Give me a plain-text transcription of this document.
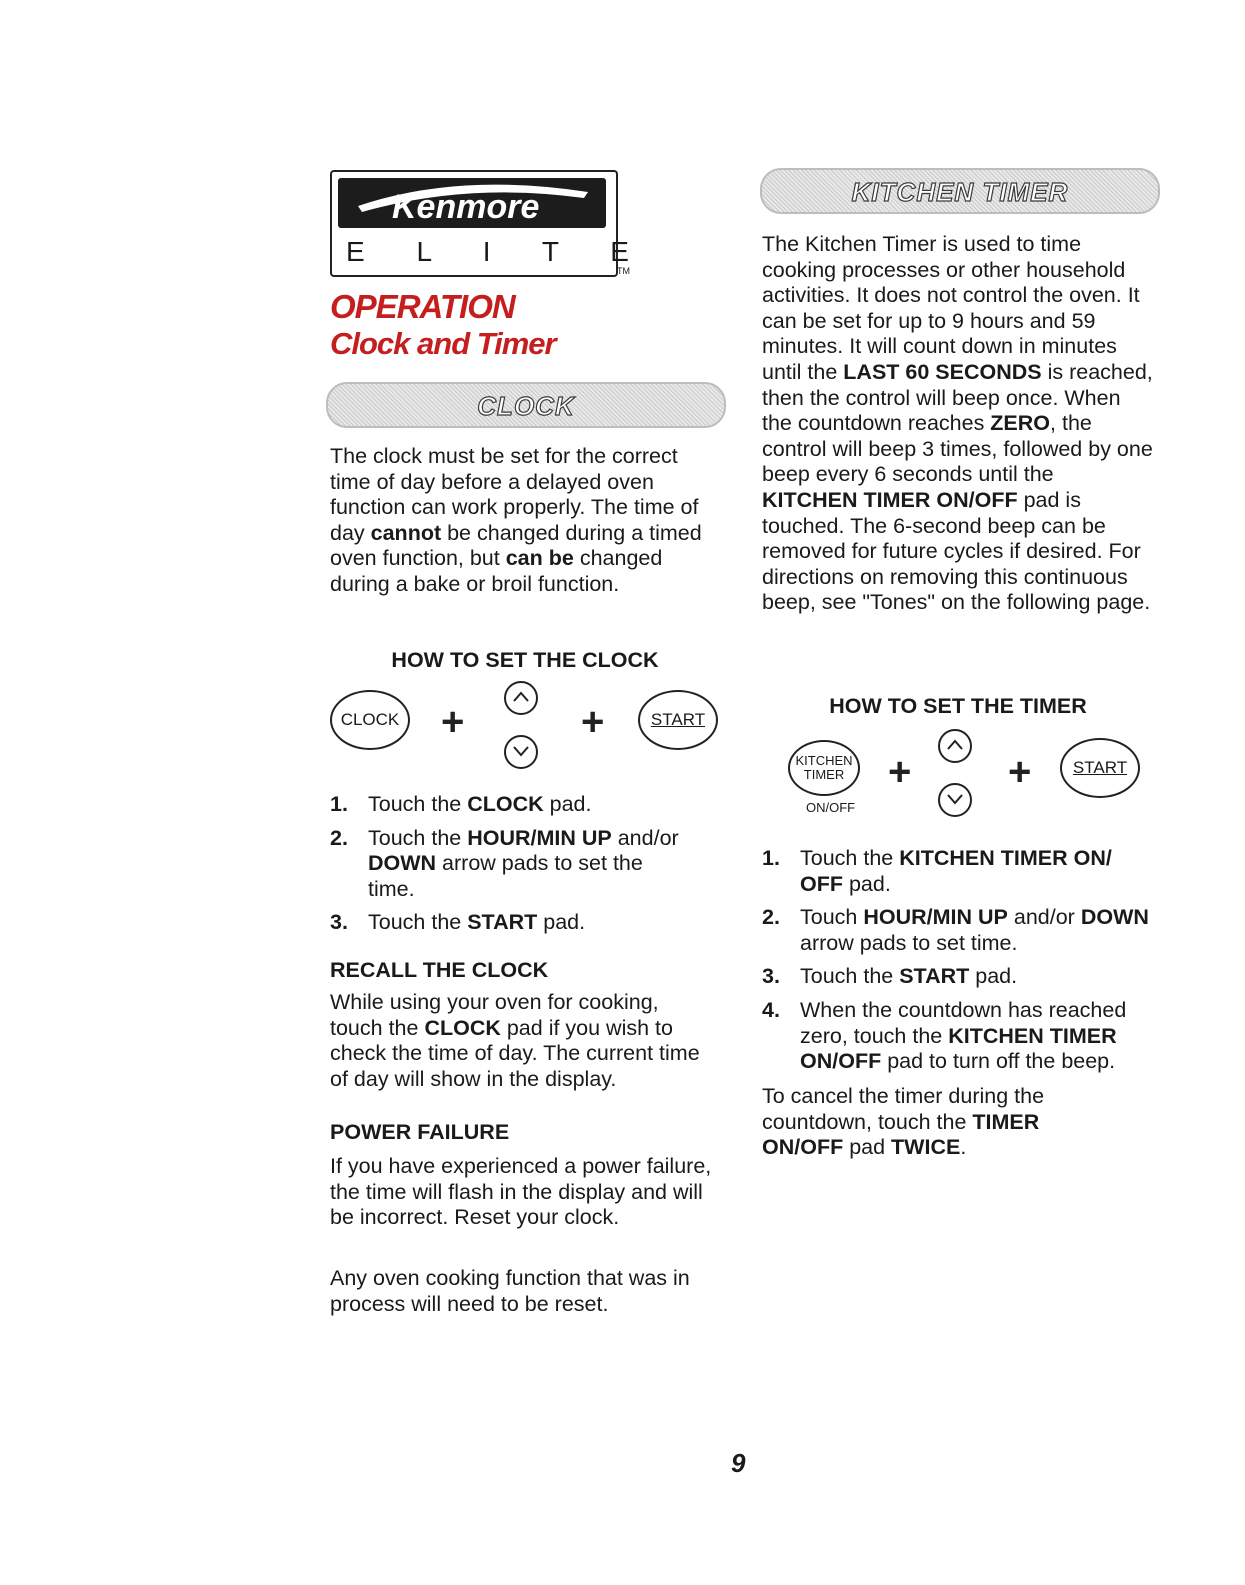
Kenmore
E L I T E
TM
OPERATION
Clock and Timer
CLOCK
The clock must be set for the correct time of day before a delayed oven function can work properly. The time of day cannot be changed during a timed oven function, but can be changed during a bake or broil function.
HOW TO SET THE CLOCK
CLOCK +	+	START
1. Touch the CLOCK pad.
2. Touch the HOUR/MIN UP and/or DOWN arrow pads to set the time.
3. Touch the START pad.
RECALL THE CLOCK
While using your oven for cooking, touch the CLOCK pad if you wish to check the time of day. The current time of day will show in the display.
POWER FAILURE
If you have experienced a power failure, the time will flash in the display and will be incorrect. Reset your clock.
Any oven cooking function that was in process will need to be reset.
KITCHEN TIMER
The Kitchen Timer is used to time cooking processes or other household activities. It does not control the oven. It can be set for up to 9 hours and 59 minutes. It will count down in minutes until the LAST 60 SECONDS is reached, then the control will beep once. When the countdown reaches ZERO, the control will beep 3 times, followed by one beep every 6 seconds until the KITCHEN TIMER ON/OFF pad is touched. The 6-second beep can be removed for future cycles if desired. For directions on removing this continuous beep, see "Tones" on the following page.
HOW TO SET THE TIMER
KITCHEN
TIMER
ON/OFF
+ +	START
1. Touch the KITCHEN TIMER ON/ OFF pad.
2. Touch HOUR/MIN UP and/or DOWN arrow pads to set time.
3. Touch the START pad.
4. When the countdown has reached zero, touch the KITCHEN TIMER ON/OFF pad to turn off the beep.
To cancel the timer during the countdown, touch the TIMER ON/OFF pad TWICE.
9
